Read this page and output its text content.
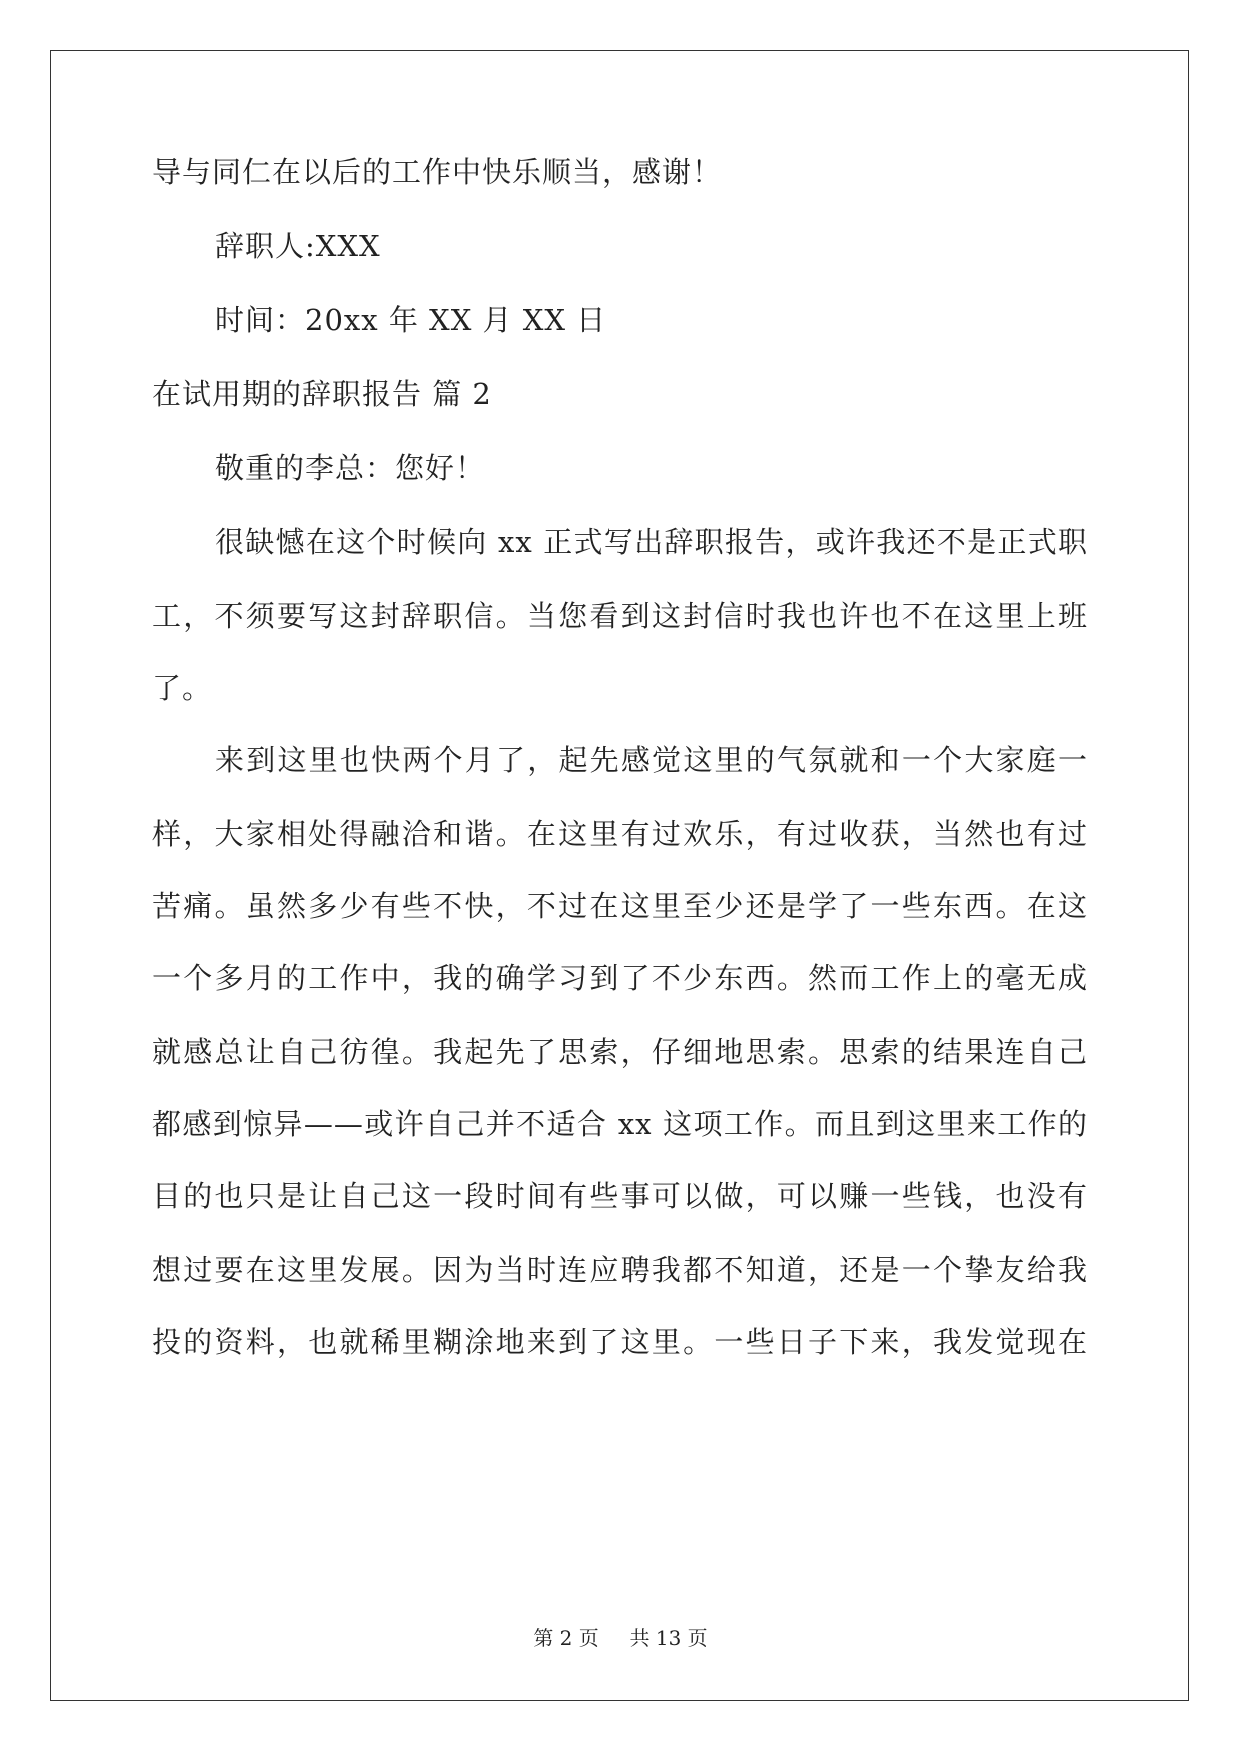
导与同仁在以后的工作中快乐顺当，感谢！
辞职人:XXX
时间：20xx 年 XX 月 XX 日
在试用期的辞职报告 篇 2
敬重的李总：您好！
很缺憾在这个时候向 xx 正式写出辞职报告，或许我还不是正式职
工，不须要写这封辞职信。当您看到这封信时我也许也不在这里上班
了。
来到这里也快两个月了，起先感觉这里的气氛就和一个大家庭一
样，大家相处得融洽和谐。在这里有过欢乐，有过收获，当然也有过
苦痛。虽然多少有些不快，不过在这里至少还是学了一些东西。在这
一个多月的工作中，我的确学习到了不少东西。然而工作上的毫无成
就感总让自己彷徨。我起先了思索，仔细地思索。思索的结果连自己
都感到惊异——或许自己并不适合 xx 这项工作。而且到这里来工作的
目的也只是让自己这一段时间有些事可以做，可以赚一些钱，也没有
想过要在这里发展。因为当时连应聘我都不知道，还是一个挚友给我
投的资料，也就稀里糊涂地来到了这里。一些日子下来，我发觉现在
第 2 页 共 13 页
